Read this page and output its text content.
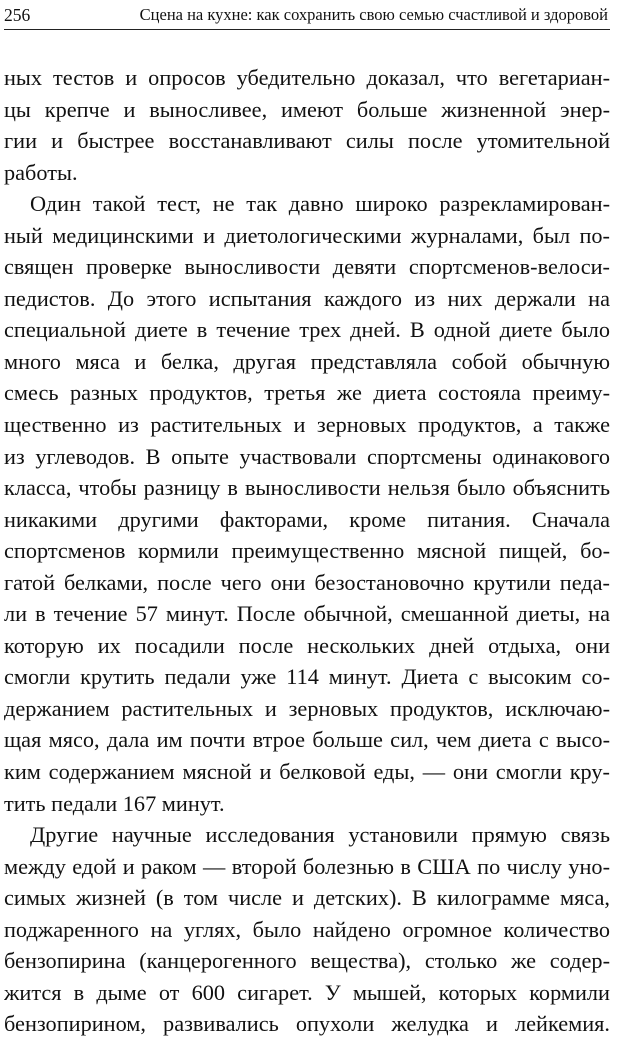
256	Сцена на кухне: как сохранить свою семью счастливой и здоровой
ных тестов и опросов убедительно доказал, что вегетариан-
цы крепче и выносливее, имеют больше жизненной энер-
гии и быстрее восстанавливают силы после утомительной
работы.
Один такой тест, не так давно широко разрекламирован-
ный медицинскими и диетологическими журналами, был по-
священ проверке выносливости девяти спортсменов-велоси-
педистов. До этого испытания каждого из них держали на
специальной диете в течение трех дней. В одной диете было
много мяса и белка, другая представляла собой обычную
смесь разных продуктов, третья же диета состояла преиму-
щественно из растительных и зерновых продуктов, а также
из углеводов. В опыте участвовали спортсмены одинакового
класса, чтобы разницу в выносливости нельзя было объяснить
никакими другими факторами, кроме питания. Сначала
спортсменов кормили преимущественно мясной пищей, бо-
гатой белками, после чего они безостановочно крутили педа-
ли в течение 57 минут. После обычной, смешанной диеты, на
которую их посадили после нескольких дней отдыха, они
смогли крутить педали уже 114 минут. Диета с высоким со-
держанием растительных и зерновых продуктов, исключаю-
щая мясо, дала им почти втрое больше сил, чем диета с высо-
ким содержанием мясной и белковой еды, — они смогли кру-
тить педали 167 минут.
Другие научные исследования установили прямую связь
между едой и раком — второй болезнью в США по числу уно-
симых жизней (в том числе и детских). В килограмме мяса,
поджаренного на углях, было найдено огромное количество
бензопирина (канцерогенного вещества), столько же содер-
жится в дыме от 600 сигарет. У мышей, которых кормили
бензопирином, развивались опухоли желудка и лейкемия.
